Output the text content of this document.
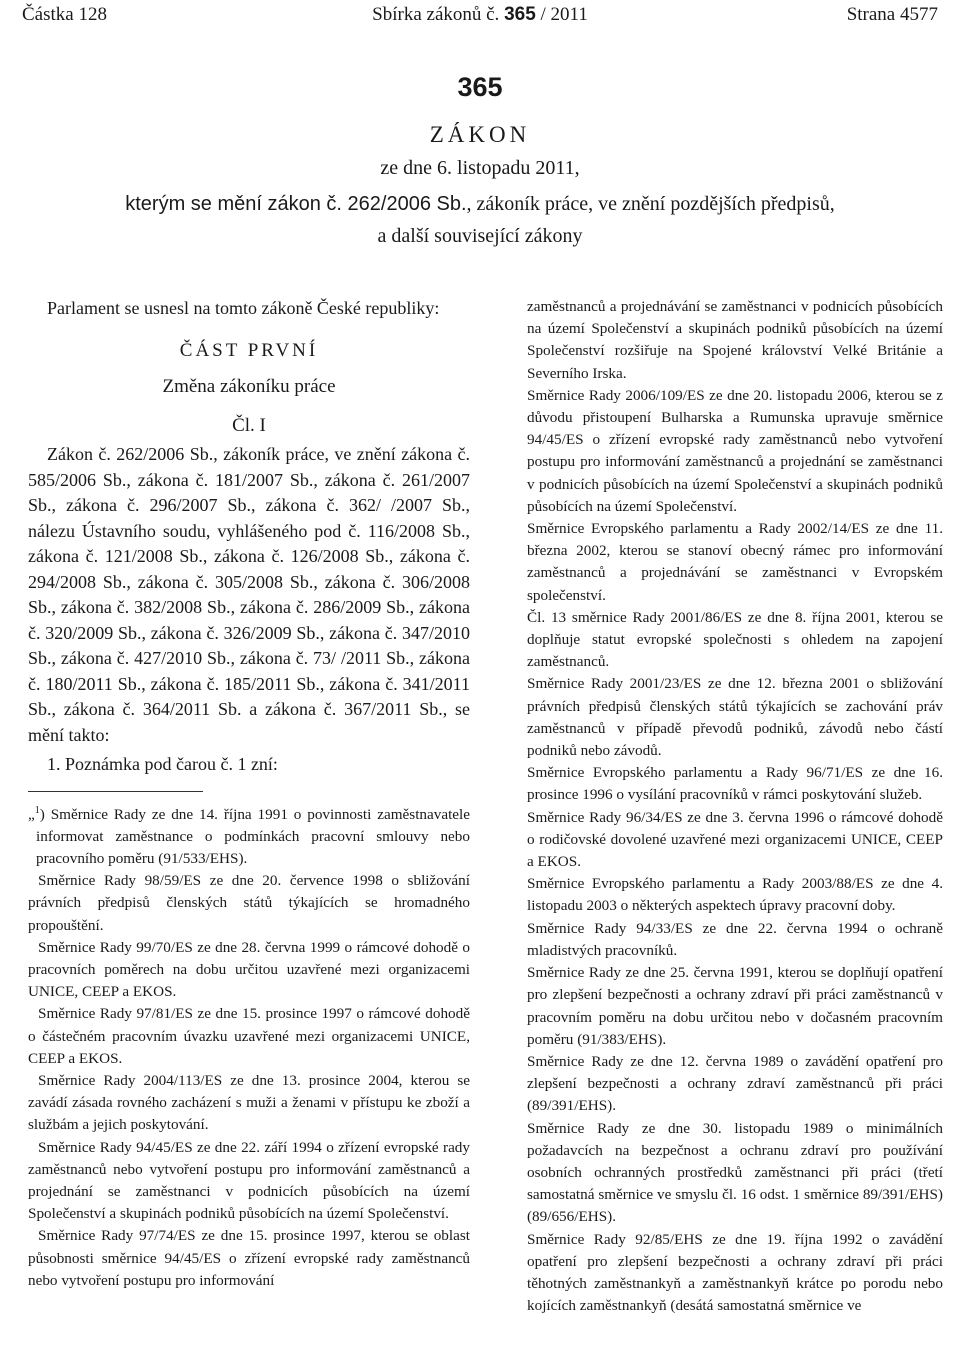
Částka 128	Sbírka zákonů č. 365 / 2011	Strana 4577
365
ZÁKON
ze dne 6. listopadu 2011,
kterým se mění zákon č. 262/2006 Sb., zákoník práce, ve znění pozdějších předpisů,
a další související zákony

Parlament se usnesl na tomto zákoně České republiky:

ČÁST PRVNÍ

Změna zákoníku práce

Čl. I

Zákon č. 262/2006 Sb., zákoník práce, ve znění zákona č. 585/2006 Sb., zákona č. 181/2007 Sb., zákona č. 261/2007 Sb., zákona č. 296/2007 Sb., zákona č. 362/ /2007 Sb., nálezu Ústavního soudu, vyhlášeného pod č. 116/2008 Sb., zákona č. 121/2008 Sb., zákona č. 126/2008 Sb., zákona č. 294/2008 Sb., zákona č. 305/2008 Sb., zákona č. 306/2008 Sb., zákona č. 382/2008 Sb., zákona č. 286/2009 Sb., zákona č. 320/2009 Sb., zákona č. 326/2009 Sb., zákona č. 347/2010 Sb., zákona č. 427/2010 Sb., zákona č. 73/ /2011 Sb., zákona č. 180/2011 Sb., zákona č. 185/2011 Sb., zákona č. 341/2011 Sb., zákona č. 364/2011 Sb. a zákona č. 367/2011 Sb., se mění takto:

1. Poznámka pod čarou č. 1 zní:

„$^1$) Směrnice Rady ze dne 14. října 1991 o povinnosti zaměstnavatele informovat zaměstnance o podmínkách pracovní smlouvy nebo pracovního poměru (91/533/EHS).

Směrnice Rady 98/59/ES ze dne 20. července 1998 o sbližování právních předpisů členských států týkajících se hromadného propouštění.

Směrnice Rady 99/70/ES ze dne 28. června 1999 o rámcové dohodě o pracovních poměrech na dobu určitou uzavřené mezi organizacemi UNICE, CEEP a EKOS.

Směrnice Rady 97/81/ES ze dne 15. prosince 1997 o rámcové dohodě o částečném pracovním úvazku uzavřené mezi organizacemi UNICE, CEEP a EKOS.

Směrnice Rady 2004/113/ES ze dne 13. prosince 2004, kterou se zavádí zásada rovného zacházení s muži a ženami v přístupu ke zboží a službám a jejich poskytování.

Směrnice Rady 94/45/ES ze dne 22. září 1994 o zřízení evropské rady zaměstnanců nebo vytvoření postupu pro informování zaměstnanců a projednání se zaměstnanci v podnicích působících na území Společenství a skupinách podniků působících na území Společenství.

Směrnice Rady 97/74/ES ze dne 15. prosince 1997, kterou se oblast působnosti směrnice 94/45/ES o zřízení evropské rady zaměstnanců nebo vytvoření postupu pro informování

zaměstnanců a projednávání se zaměstnanci v podnicích působících na území Společenství a skupinách podniků působících na území Společenství rozšiřuje na Spojené království Velké Británie a Severního Irska.

Směrnice Rady 2006/109/ES ze dne 20. listopadu 2006, kterou se z důvodu přistoupení Bulharska a Rumunska upravuje směrnice 94/45/ES o zřízení evropské rady zaměstnanců nebo vytvoření postupu pro informování zaměstnanců a projednání se zaměstnanci v podnicích působících na území Společenství a skupinách podniků působících na území Společenství.

Směrnice Evropského parlamentu a Rady 2002/14/ES ze dne 11. března 2002, kterou se stanoví obecný rámec pro informování zaměstnanců a projednávání se zaměstnanci v Evropském společenství.

Čl. 13 směrnice Rady 2001/86/ES ze dne 8. října 2001, kterou se doplňuje statut evropské společnosti s ohledem na zapojení zaměstnanců.

Směrnice Rady 2001/23/ES ze dne 12. března 2001 o sbližování právních předpisů členských států týkajících se zachování práv zaměstnanců v případě převodů podniků, závodů nebo částí podniků nebo závodů.

Směrnice Evropského parlamentu a Rady 96/71/ES ze dne 16. prosince 1996 o vysílání pracovníků v rámci poskytování služeb.

Směrnice Rady 96/34/ES ze dne 3. června 1996 o rámcové dohodě o rodičovské dovolené uzavřené mezi organizacemi UNICE, CEEP a EKOS.

Směrnice Evropského parlamentu a Rady 2003/88/ES ze dne 4. listopadu 2003 o některých aspektech úpravy pracovní doby.

Směrnice Rady 94/33/ES ze dne 22. června 1994 o ochraně mladistvých pracovníků.

Směrnice Rady ze dne 25. června 1991, kterou se doplňují opatření pro zlepšení bezpečnosti a ochrany zdraví při práci zaměstnanců v pracovním poměru na dobu určitou nebo v dočasném pracovním poměru (91/383/EHS).

Směrnice Rady ze dne 12. června 1989 o zavádění opatření pro zlepšení bezpečnosti a ochrany zdraví zaměstnanců při práci (89/391/EHS).

Směrnice Rady ze dne 30. listopadu 1989 o minimálních požadavcích na bezpečnost a ochranu zdraví pro používání osobních ochranných prostředků zaměstnanci při práci (třetí samostatná směrnice ve smyslu čl. 16 odst. 1 směrnice 89/391/EHS) (89/656/EHS).

Směrnice Rady 92/85/EHS ze dne 19. října 1992 o zavádění opatření pro zlepšení bezpečnosti a ochrany zdraví při práci těhotných zaměstnankyň a zaměstnankyň krátce po porodu nebo kojících zaměstnankyň (desátá samostatná směrnice ve
